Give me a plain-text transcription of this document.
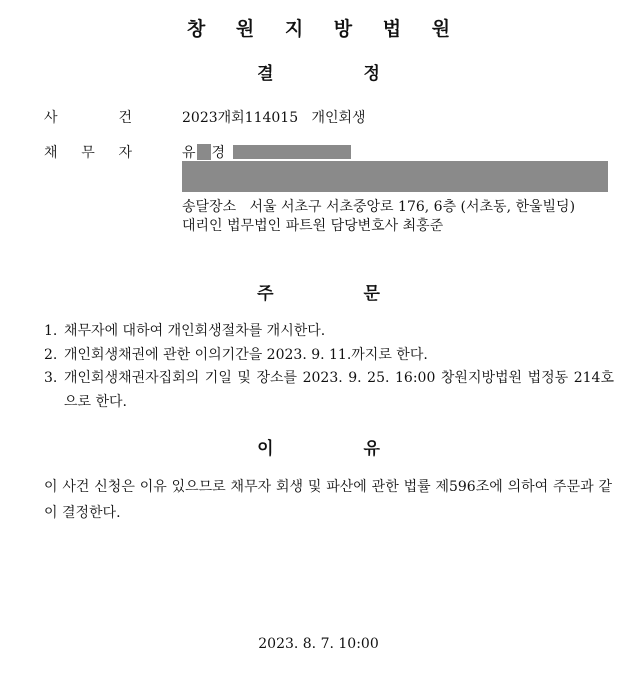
창 원 지 방 법 원
결	정
사	건	2023개회114015   개인회생
채 무 자	유 경
송달장소   서울 서초구 서초중앙로 176, 6층 (서초동, 한울빌딩)
대리인 법무법인 파트원 담당변호사 최홍준
주	문
1. 채무자에 대하여 개인회생절차를 개시한다.
2. 개인회생채권에 관한 이의기간을 2023. 9. 11.까지로 한다.
3. 개인회생채권자집회의 기일 및 장소를 2023. 9. 25. 16:00 창원지방법원 법정동 214호으로 한다.
이	유
이 사건 신청은 이유 있으므로 채무자 회생 및 파산에 관한 법률 제596조에 의하여 주문과 같이 결정한다.
2023. 8. 7. 10:00
